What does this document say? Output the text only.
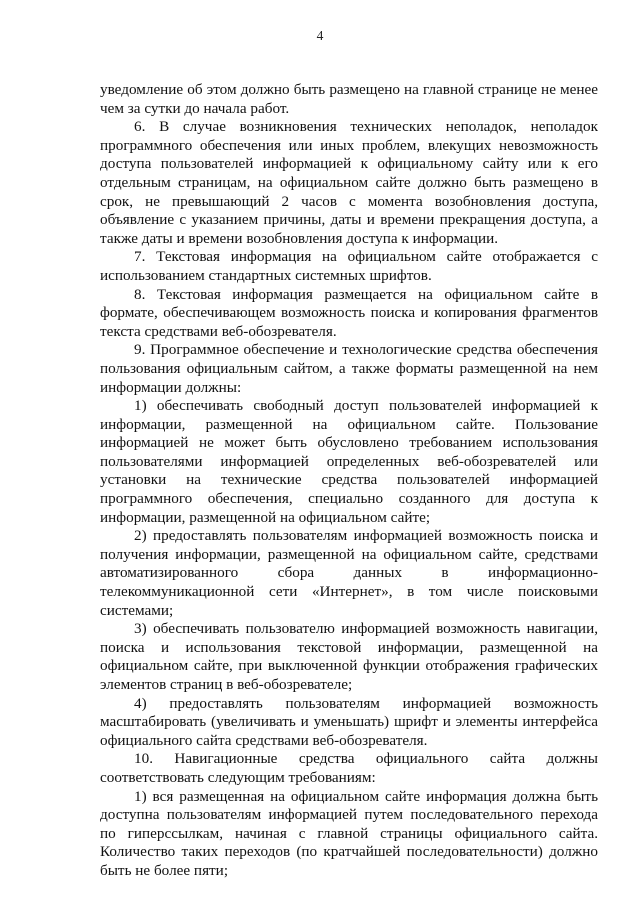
4

уведомление об этом должно быть размещено на главной странице не менее чем за сутки до начала работ.

6. В случае возникновения технических неполадок, неполадок программного обеспечения или иных проблем, влекущих невозможность доступа пользователей информацией к официальному сайту или к его отдельным страницам, на официальном сайте должно быть размещено в срок, не превышающий 2 часов с момента возобновления доступа, объявление с указанием причины, даты и времени прекращения доступа, а также даты и времени возобновления доступа к информации.

7. Текстовая информация на официальном сайте отображается с использованием стандартных системных шрифтов.

8. Текстовая информация размещается на официальном сайте в формате, обеспечивающем возможность поиска и копирования фрагментов текста средствами веб-обозревателя.

9. Программное обеспечение и технологические средства обеспечения пользования официальным сайтом, а также форматы размещенной на нем информации должны:

1) обеспечивать свободный доступ пользователей информацией к информации, размещенной на официальном сайте. Пользование информацией не может быть обусловлено требованием использования пользователями информацией определенных веб-обозревателей или установки на технические средства пользователей информацией программного обеспечения, специально созданного для доступа к информации, размещенной на официальном сайте;

2) предоставлять пользователям информацией возможность поиска и получения информации, размещенной на официальном сайте, средствами автоматизированного сбора данных в информационно-телекоммуникационной сети «Интернет», в том числе поисковыми системами;

3) обеспечивать пользователю информацией возможность навигации, поиска и использования текстовой информации, размещенной на официальном сайте, при выключенной функции отображения графических элементов страниц в веб-обозревателе;

4) предоставлять пользователям информацией возможность масштабировать (увеличивать и уменьшать) шрифт и элементы интерфейса официального сайта средствами веб-обозревателя.

10. Навигационные средства официального сайта должны соответствовать следующим требованиям:

1) вся размещенная на официальном сайте информация должна быть доступна пользователям информацией путем последовательного перехода по гиперссылкам, начиная с главной страницы официального сайта. Количество таких переходов (по кратчайшей последовательности) должно быть не более пяти;
